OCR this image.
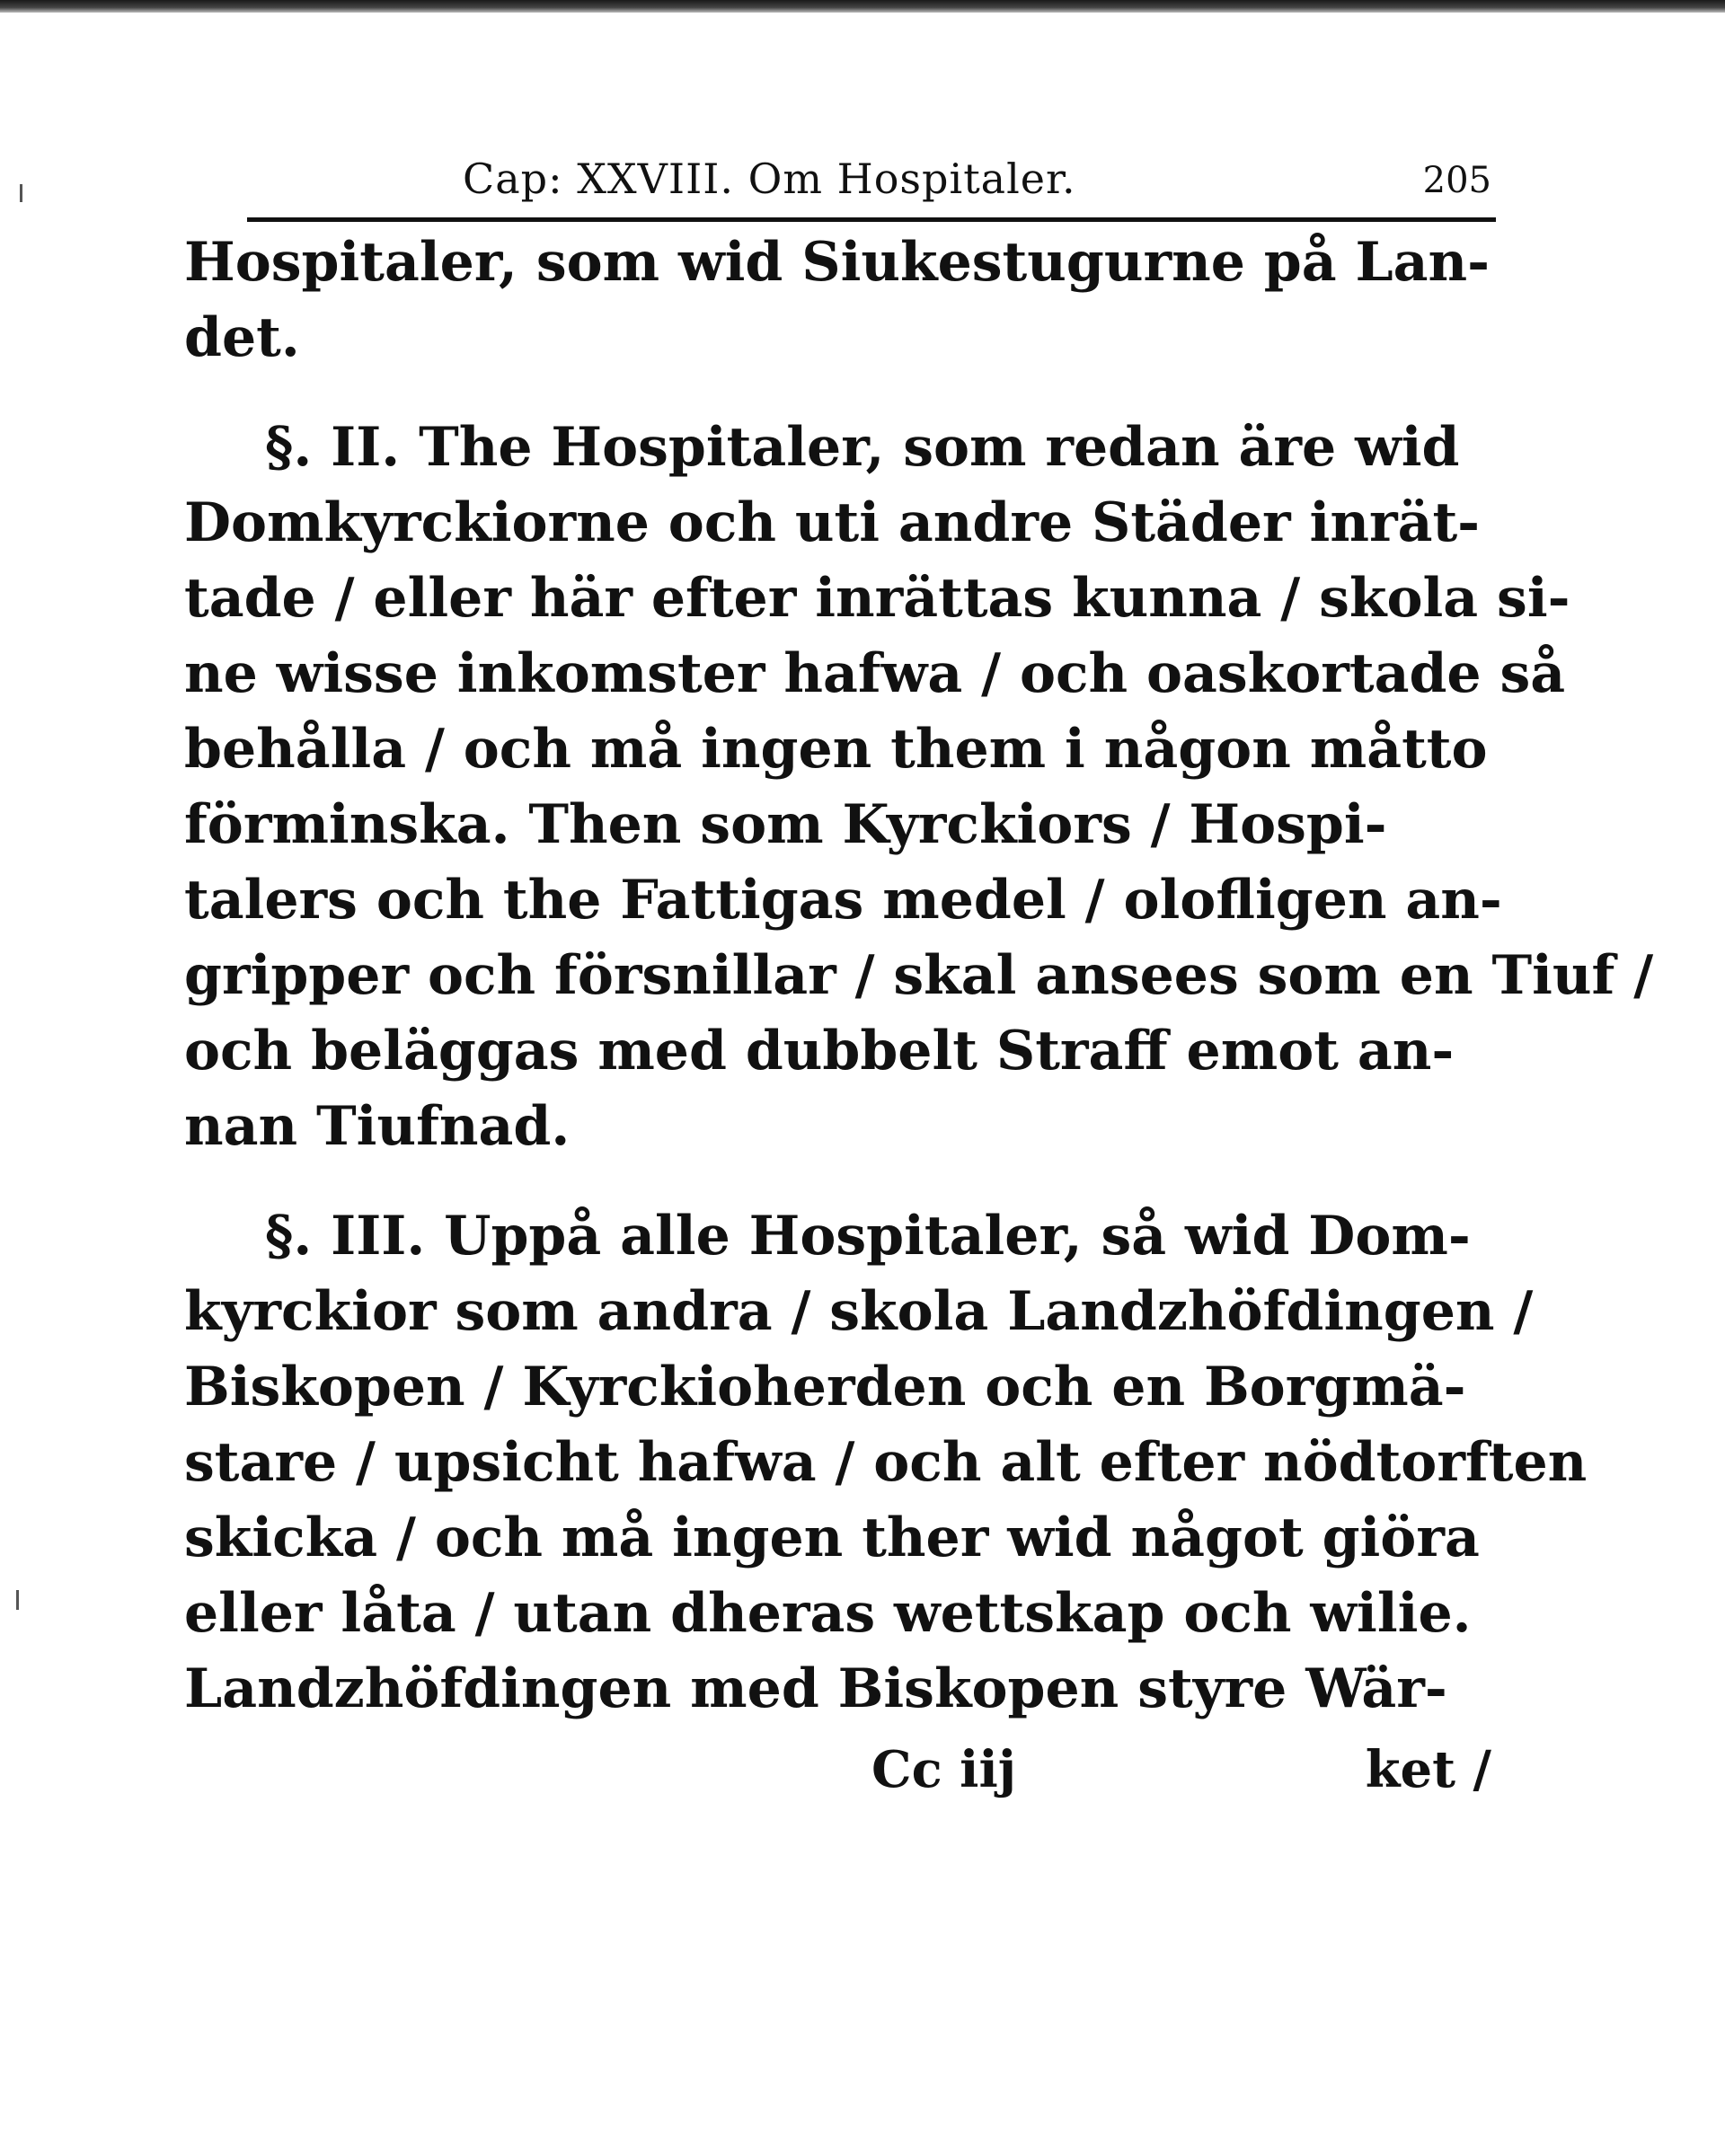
Cap: XXVIII. Om Hospitaler.	205
Hospitaler, som wid Siukestugurne på Lan‑
det.
§. II. The Hospitaler, som redan äre wid
Domkyrckiorne och uti andre Städer inrät‑
tade / eller här efter inrättas kunna / skola si‑
ne wisse inkomster hafwa / och oaskortade så
behålla / och må ingen them i någon måtto
förminska. Then som Kyrckiors / Hospi-
talers och the Fattigas medel / olofligen an‑
gripper och försnillar / skal ansees som en Tiuf /
och beläggas med dubbelt Straff emot an‑
nan Tiufnad.
§. III. Uppå alle Hospitaler, så wid Dom‑
kyrckior som andra / skola Landzhöfdingen /
Biskopen / Kyrckioherden och en Borgmä‑
stare / upsicht hafwa / och alt efter nödtorften
skicka / och må ingen ther wid något giöra
eller låta / utan dheras wettskap och wilie.
Landzhöfdingen med Biskopen styre Wär‑
Cc iij	ket /
